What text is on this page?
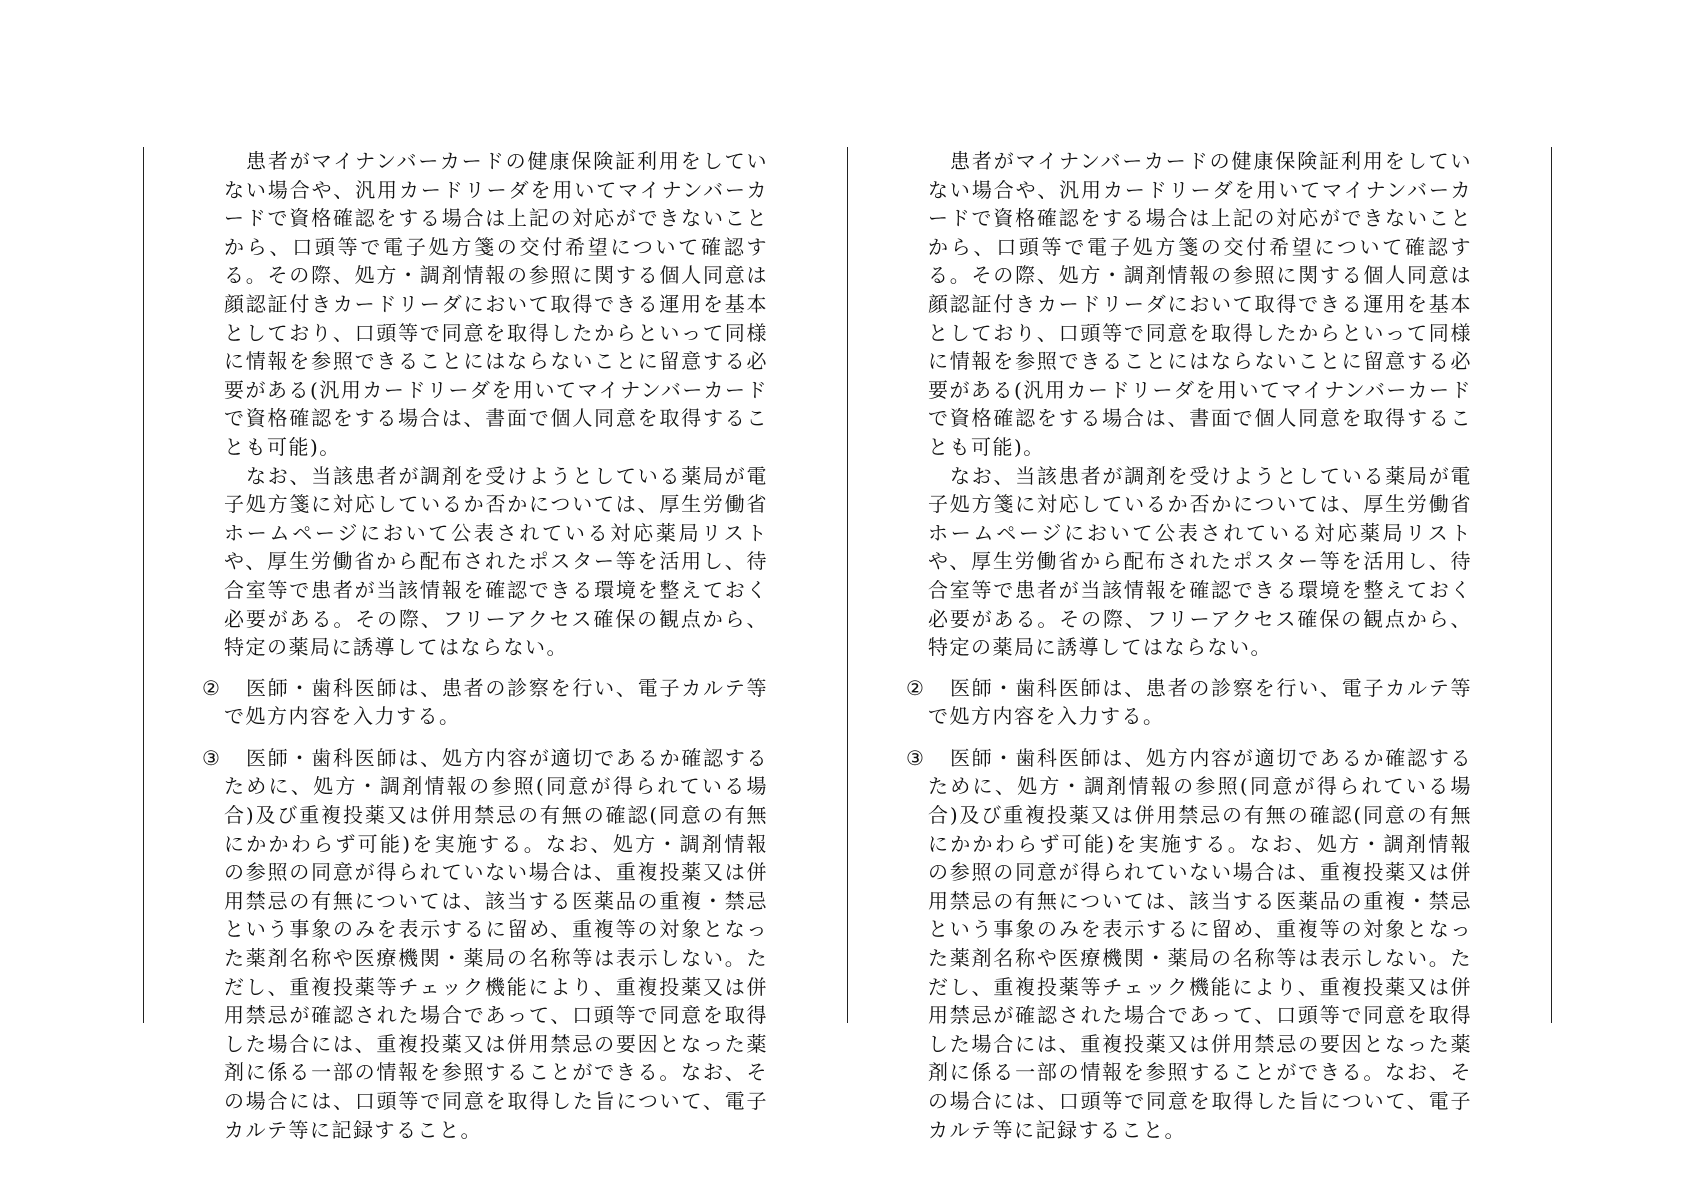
患者がマイナンバーカードの健康保険証利用をしていない場合や、汎用カードリーダを用いてマイナンバーカードで資格確認をする場合は上記の対応ができないことから、口頭等で電子処方箋の交付希望について確認する。その際、処方・調剤情報の参照に関する個人同意は顔認証付きカードリーダにおいて取得できる運用を基本としており、口頭等で同意を取得したからといって同様に情報を参照できることにはならないことに留意する必要がある(汎用カードリーダを用いてマイナンバーカードで資格確認をする場合は、書面で個人同意を取得することも可能)。

なお、当該患者が調剤を受けようとしている薬局が電子処方箋に対応しているか否かについては、厚生労働省ホームページにおいて公表されている対応薬局リストや、厚生労働省から配布されたポスター等を活用し、待合室等で患者が当該情報を確認できる環境を整えておく必要がある。その際、フリーアクセス確保の観点から、特定の薬局に誘導してはならない。

②	医師・歯科医師は、患者の診察を行い、電子カルテ等で処方内容を入力する。
③	医師・歯科医師は、処方内容が適切であるか確認するために、処方・調剤情報の参照(同意が得られている場合)及び重複投薬又は併用禁忌の有無の確認(同意の有無にかかわらず可能)を実施する。なお、処方・調剤情報の参照の同意が得られていない場合は、重複投薬又は併用禁忌の有無については、該当する医薬品の重複・禁忌という事象のみを表示するに留め、重複等の対象となった薬剤名称や医療機関・薬局の名称等は表示しない。ただし、重複投薬等チェック機能により、重複投薬又は併用禁忌が確認された場合であって、口頭等で同意を取得した場合には、重複投薬又は併用禁忌の要因となった薬剤に係る一部の情報を参照することができる。なお、その場合には、口頭等で同意を取得した旨について、電子カルテ等に記録すること。

患者がマイナンバーカードの健康保険証利用をしていない場合や、汎用カードリーダを用いてマイナンバーカードで資格確認をする場合は上記の対応ができないことから、口頭等で電子処方箋の交付希望について確認する。その際、処方・調剤情報の参照に関する個人同意は顔認証付きカードリーダにおいて取得できる運用を基本としており、口頭等で同意を取得したからといって同様に情報を参照できることにはならないことに留意する必要がある(汎用カードリーダを用いてマイナンバーカードで資格確認をする場合は、書面で個人同意を取得することも可能)。

なお、当該患者が調剤を受けようとしている薬局が電子処方箋に対応しているか否かについては、厚生労働省ホームページにおいて公表されている対応薬局リストや、厚生労働省から配布されたポスター等を活用し、待合室等で患者が当該情報を確認できる環境を整えておく必要がある。その際、フリーアクセス確保の観点から、特定の薬局に誘導してはならない。

②	医師・歯科医師は、患者の診察を行い、電子カルテ等で処方内容を入力する。
③	医師・歯科医師は、処方内容が適切であるか確認するために、処方・調剤情報の参照(同意が得られている場合)及び重複投薬又は併用禁忌の有無の確認(同意の有無にかかわらず可能)を実施する。なお、処方・調剤情報の参照の同意が得られていない場合は、重複投薬又は併用禁忌の有無については、該当する医薬品の重複・禁忌という事象のみを表示するに留め、重複等の対象となった薬剤名称や医療機関・薬局の名称等は表示しない。ただし、重複投薬等チェック機能により、重複投薬又は併用禁忌が確認された場合であって、口頭等で同意を取得した場合には、重複投薬又は併用禁忌の要因となった薬剤に係る一部の情報を参照することができる。なお、その場合には、口頭等で同意を取得した旨について、電子カルテ等に記録すること。
